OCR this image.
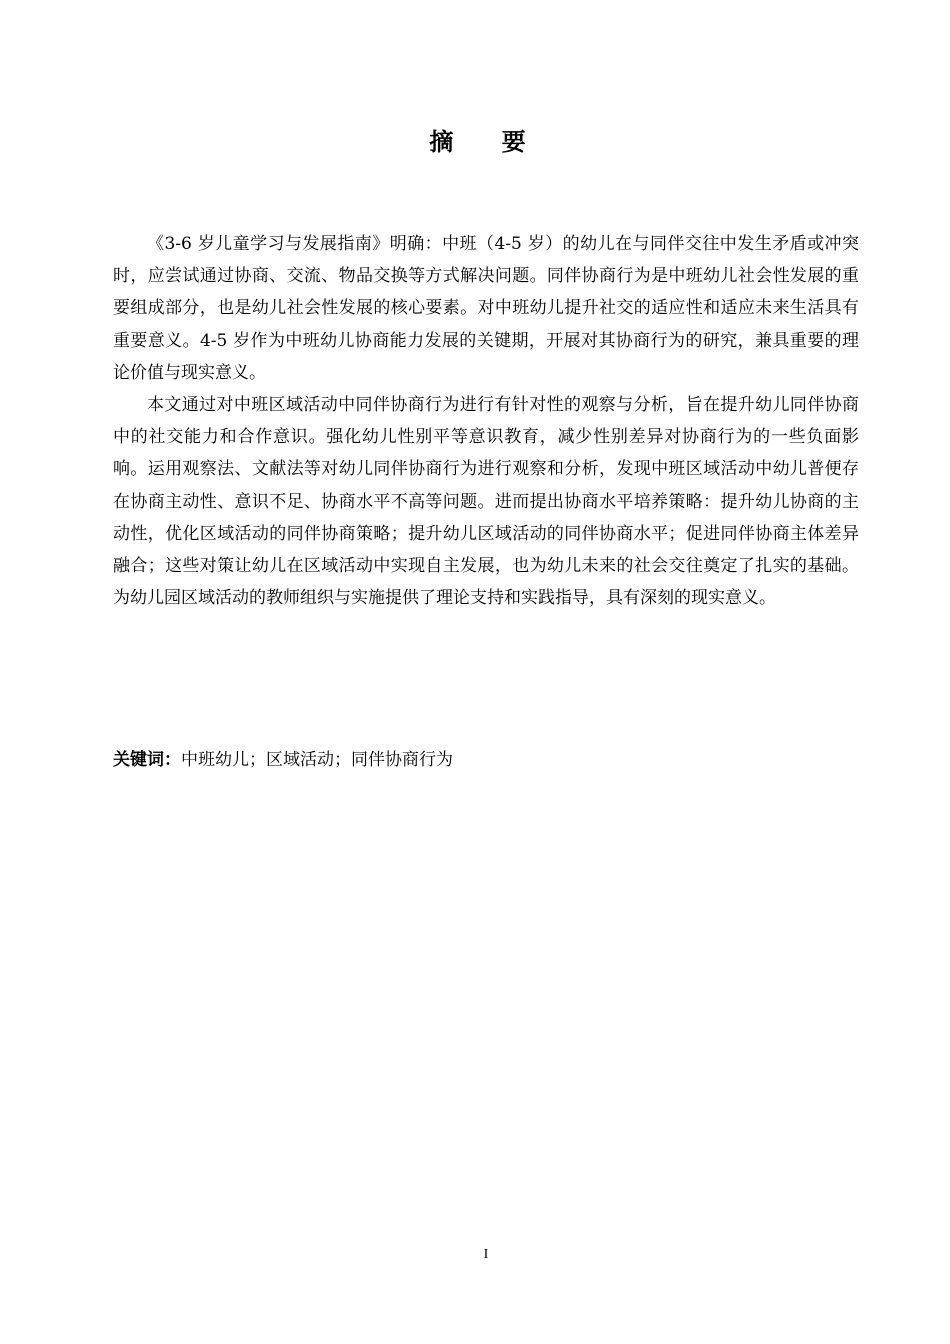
摘 要

《3-6 岁儿童学习与发展指南》明确：中班（4-5 岁）的幼儿在与同伴交往中发生矛盾或冲突时，应尝试通过协商、交流、物品交换等方式解决问题。同伴协商行为是中班幼儿社会性发展的重要组成部分，也是幼儿社会性发展的核心要素。对中班幼儿提升社交的适应性和适应未来生活具有重要意义。4-5 岁作为中班幼儿协商能力发展的关键期，开展对其协商行为的研究，兼具重要的理论价值与现实意义。

本文通过对中班区域活动中同伴协商行为进行有针对性的观察与分析，旨在提升幼儿同伴协商中的社交能力和合作意识。强化幼儿性别平等意识教育，减少性别差异对协商行为的一些负面影响。运用观察法、文献法等对幼儿同伴协商行为进行观察和分析，发现中班区域活动中幼儿普便存在协商主动性、意识不足、协商水平不高等问题。进而提出协商水平培养策略：提升幼儿协商的主动性，优化区域活动的同伴协商策略；提升幼儿区域活动的同伴协商水平；促进同伴协商主体差异融合；这些对策让幼儿在区域活动中实现自主发展，也为幼儿未来的社会交往奠定了扎实的基础。为幼儿园区域活动的教师组织与实施提供了理论支持和实践指导，具有深刻的现实意义。

关键词：中班幼儿；区域活动；同伴协商行为
I
